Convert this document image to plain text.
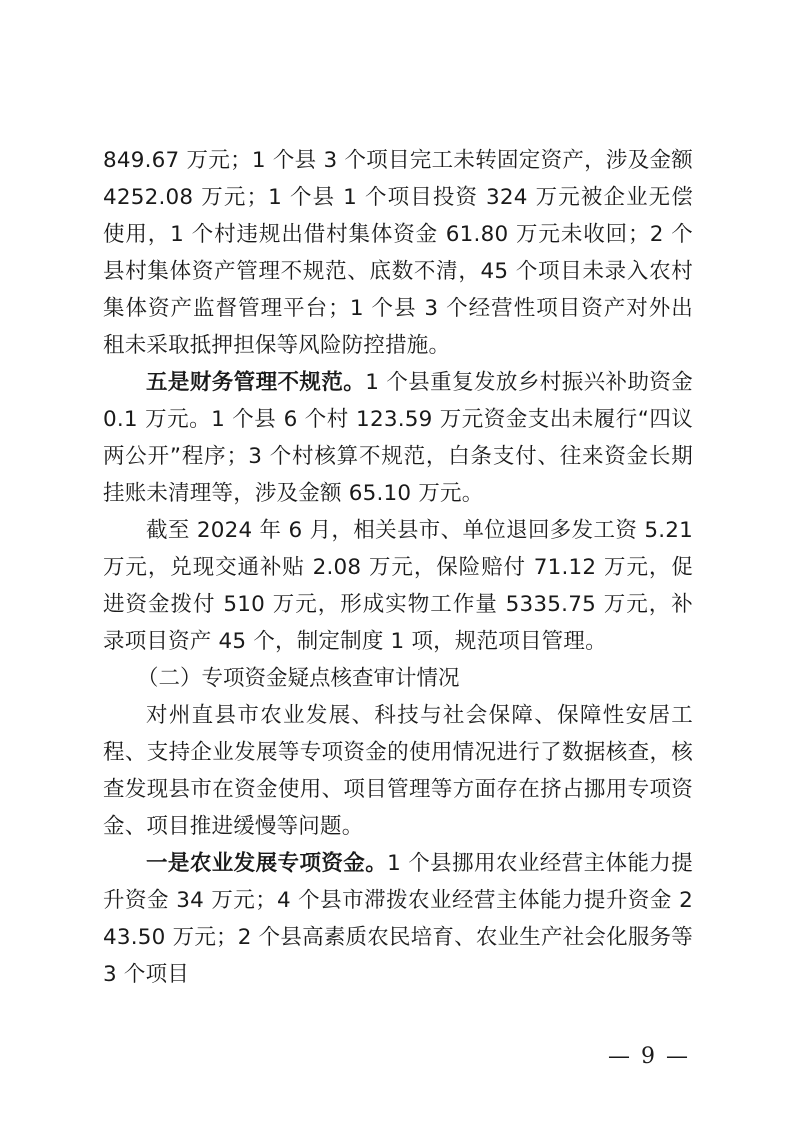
849.67 万元；1 个县 3 个项目完工未转固定资产，涉及金额 4252.08 万元；1 个县 1 个项目投资 324 万元被企业无偿使用，1 个村违规出借村集体资金 61.80 万元未收回；2 个县村集体资产管理不规范、底数不清，45 个项目未录入农村集体资产监督管理平台；1 个县 3 个经营性项目资产对外出租未采取抵押担保等风险防控措施。

五是财务管理不规范。1 个县重复发放乡村振兴补助资金 0.1 万元。1 个县 6 个村 123.59 万元资金支出未履行“四议两公开”程序；3 个村核算不规范，白条支付、往来资金长期挂账未清理等，涉及金额 65.10 万元。

截至 2024 年 6 月，相关县市、单位退回多发工资 5.21 万元，兑现交通补贴 2.08 万元，保险赔付 71.12 万元，促进资金拨付 510 万元，形成实物工作量 5335.75 万元，补录项目资产 45 个，制定制度 1 项，规范项目管理。

（二）专项资金疑点核查审计情况

对州直县市农业发展、科技与社会保障、保障性安居工程、支持企业发展等专项资金的使用情况进行了数据核查，核查发现县市在资金使用、项目管理等方面存在挤占挪用专项资金、项目推进缓慢等问题。

一是农业发展专项资金。1 个县挪用农业经营主体能力提升资金 34 万元；4 个县市滞拨农业经营主体能力提升资金 243.50 万元；2 个县高素质农民培育、农业生产社会化服务等 3 个项目

— 9 —
